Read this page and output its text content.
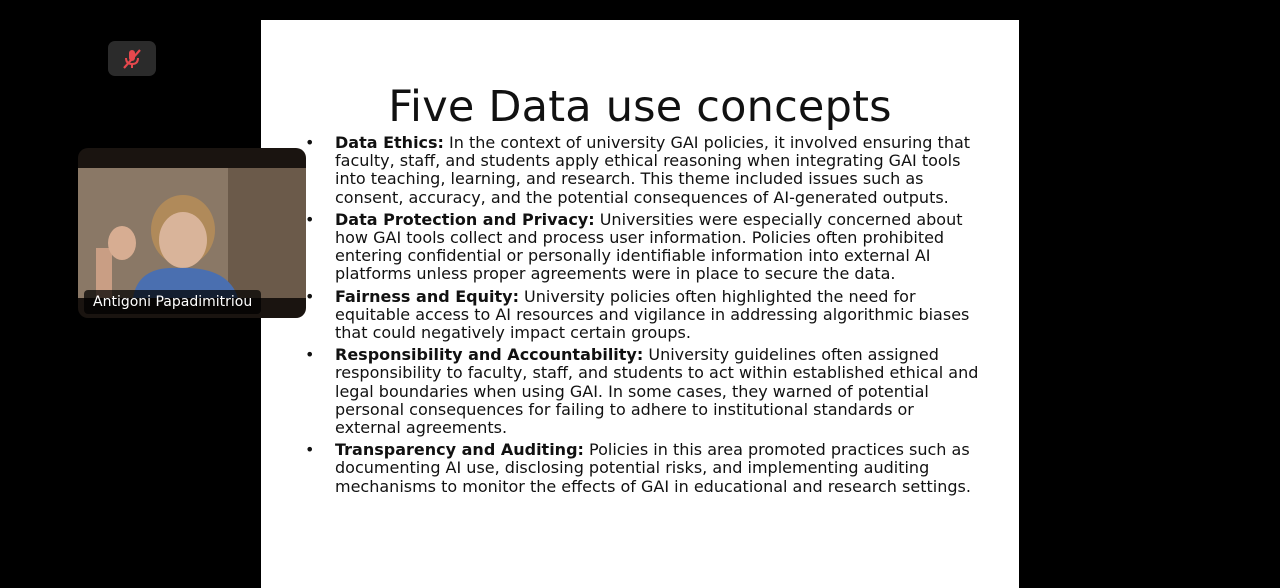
Five Data use concepts
• Data Ethics: In the context of university GAI policies, it involved ensuring that faculty, staff, and students apply ethical reasoning when integrating GAI tools into teaching, learning, and research. This theme included issues such as consent, accuracy, and the potential consequences of AI-generated outputs.
• Data Protection and Privacy: Universities were especially concerned about how GAI tools collect and process user information. Policies often prohibited entering confidential or personally identifiable information into external AI platforms unless proper agreements were in place to secure the data.
• Fairness and Equity: University policies often highlighted the need for equitable access to AI resources and vigilance in addressing algorithmic biases that could negatively impact certain groups.
• Responsibility and Accountability: University guidelines often assigned responsibility to faculty, staff, and students to act within established ethical and legal boundaries when using GAI. In some cases, they warned of potential personal consequences for failing to adhere to institutional standards or external agreements.
• Transparency and Auditing: Policies in this area promoted practices such as documenting AI use, disclosing potential risks, and implementing auditing mechanisms to monitor the effects of GAI in educational and research settings.
Antigoni Papadimitriou
